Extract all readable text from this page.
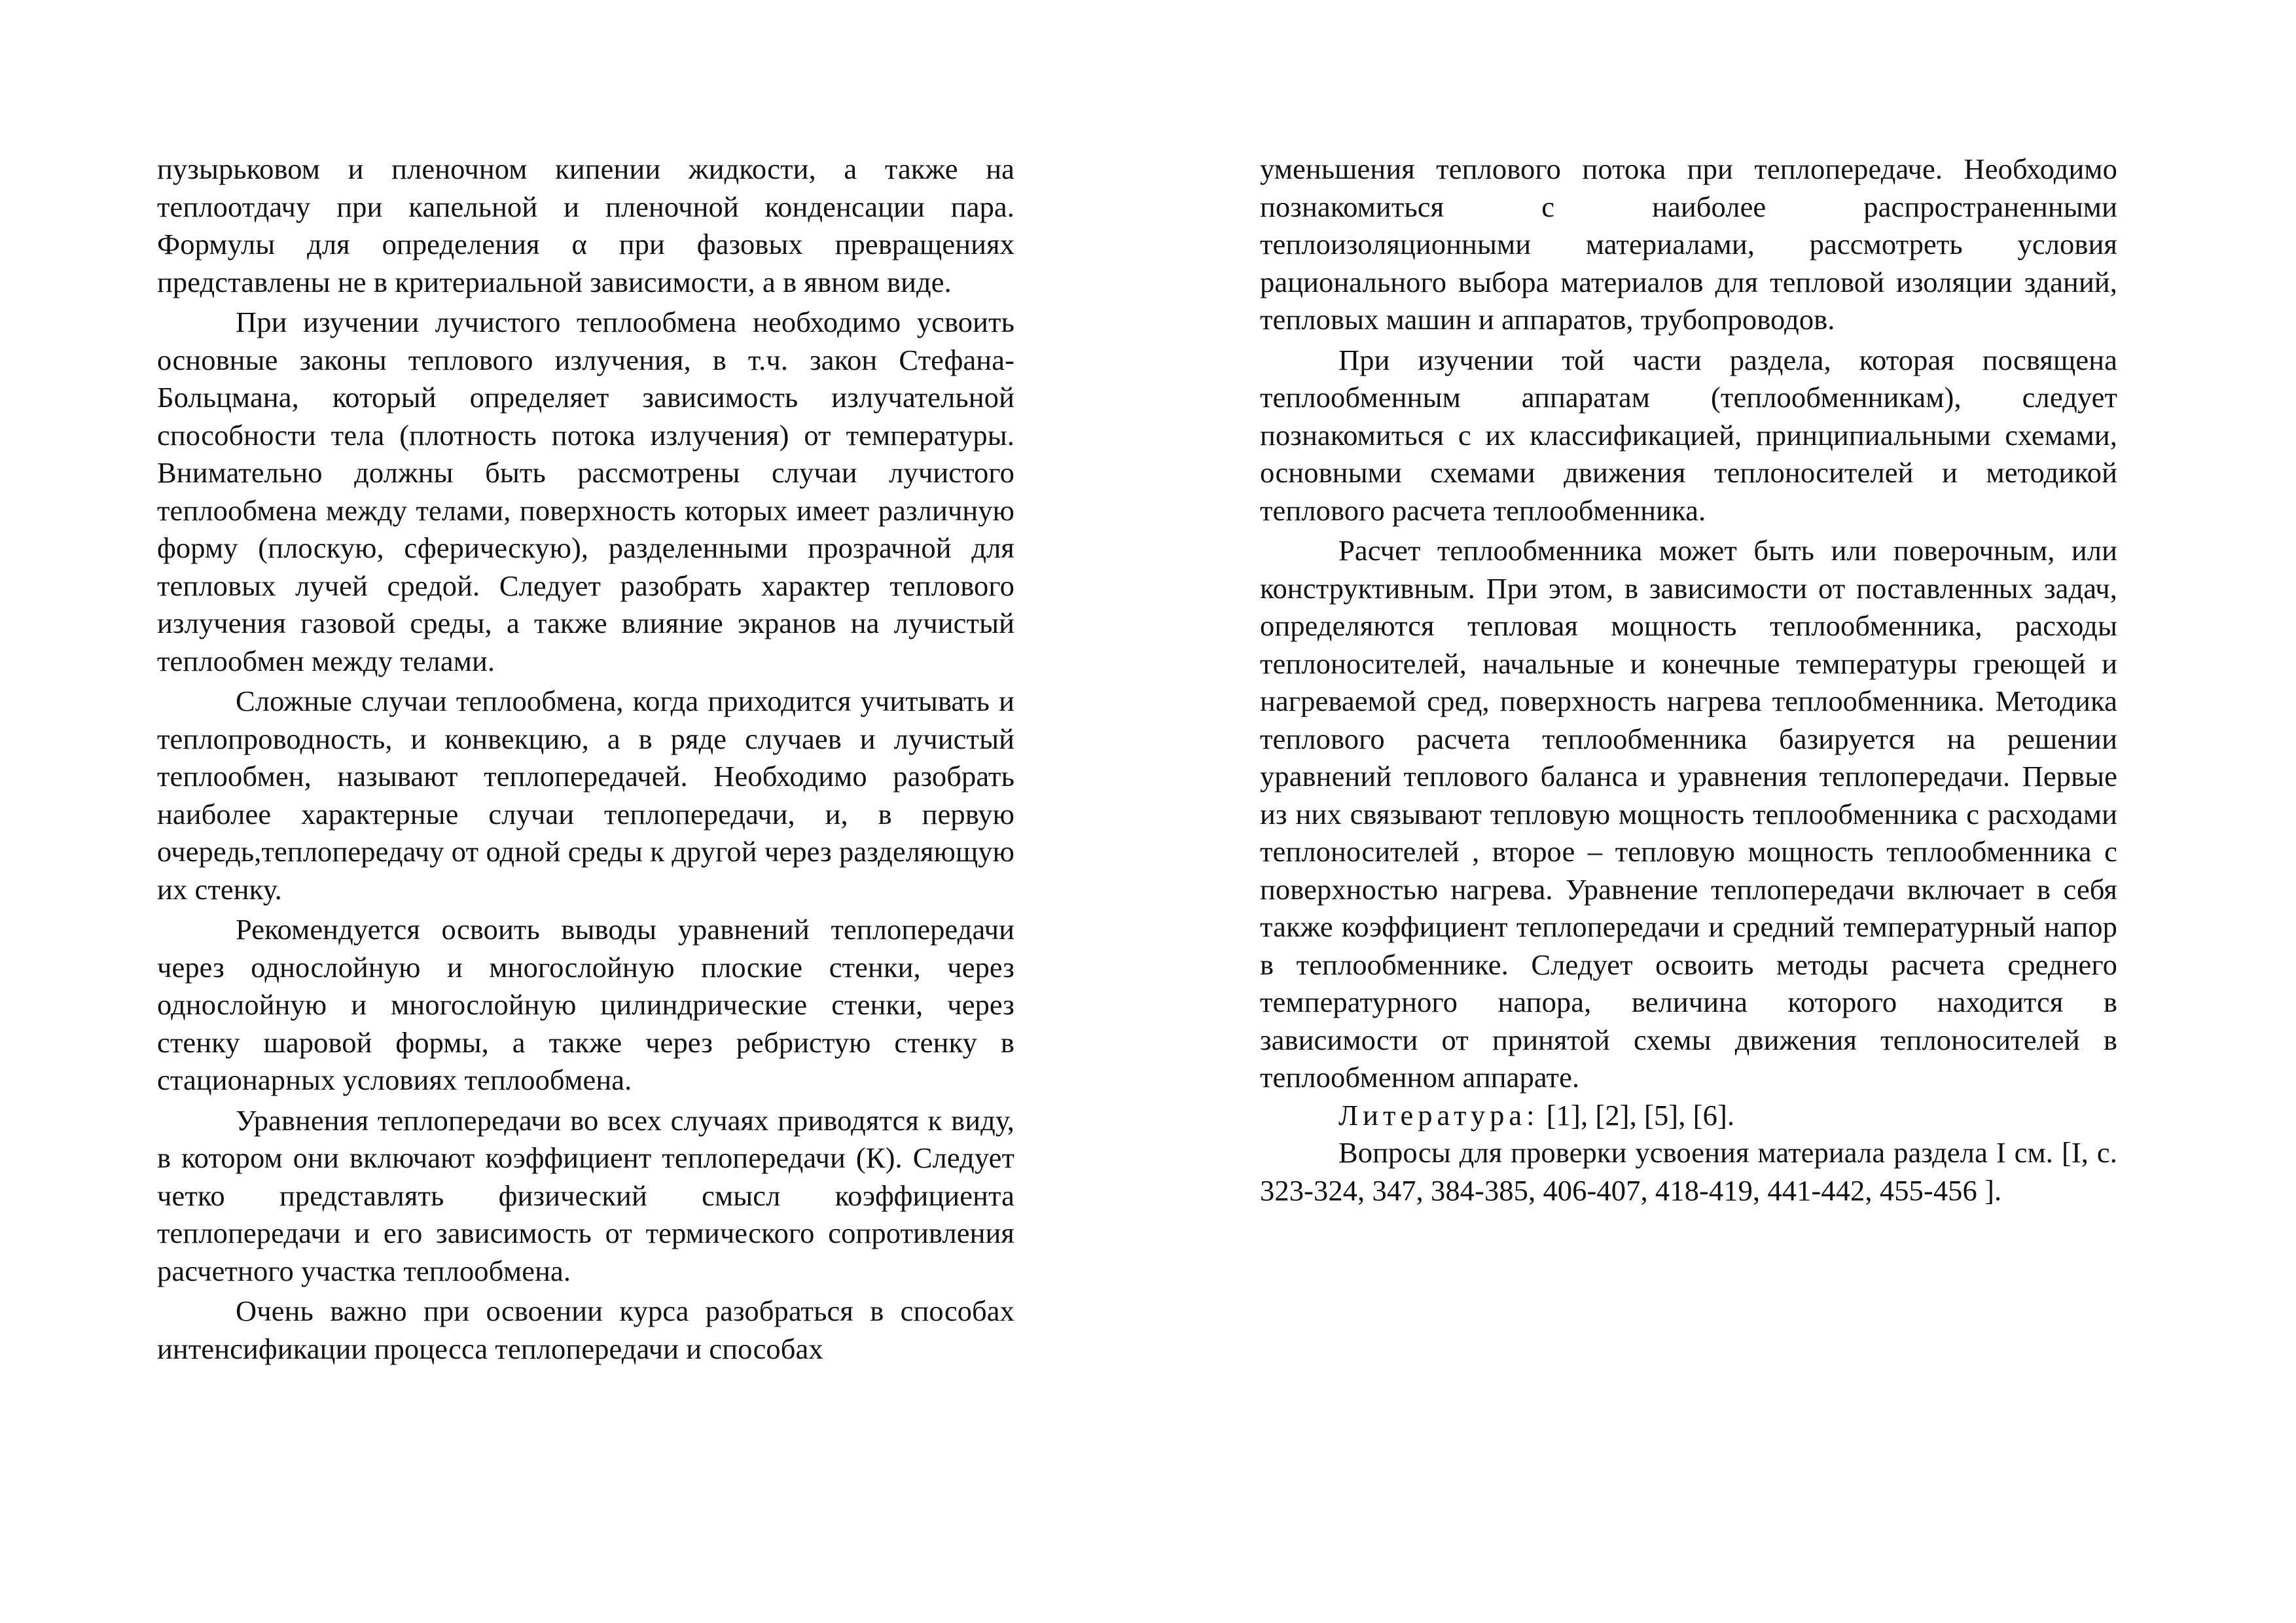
пузырьковом и пленочном кипении жидкости, а также на теплоотдачу при капельной и пленочной конденсации пара. Формулы для определения α при фазовых превращениях представлены не в критериальной зависимости, а в явном виде.

При изучении лучистого теплообмена необходимо усвоить основные законы теплового излучения, в т.ч. закон Стефана-Больцмана, который определяет зависимость излучательной способности тела (плотность потока излучения) от температуры. Внимательно должны быть рассмотрены случаи лучистого теплообмена между телами, поверхность которых имеет различную форму (плоскую, сферическую), разделенными прозрачной для тепловых лучей средой. Следует разобрать характер теплового излучения газовой среды, а также влияние экранов на лучистый теплообмен между телами.

Сложные случаи теплообмена, когда приходится учитывать и теплопроводность, и конвекцию, а в ряде случаев и лучистый теплообмен, называют теплопередачей. Необходимо разобрать наиболее характерные случаи теплопередачи, и, в первую очередь,теплопередачу от одной среды к другой через разделяющую их стенку.

Рекомендуется освоить выводы уравнений теплопередачи через однослойную и многослойную плоские стенки, через однослойную и многослойную цилиндрические стенки, через стенку шаровой формы, а также через ребристую стенку в стационарных условиях теплообмена.

Уравнения теплопередачи во всех случаях приводятся к виду, в котором они включают коэффициент теплопередачи (К). Следует четко представлять физический смысл коэффициента теплопередачи и его зависимость от термического сопротивления расчетного участка теплообмена.

Очень важно при освоении курса разобраться в способах интенсификации процесса теплопередачи и способах

уменьшения теплового потока при теплопередаче. Необходимо познакомиться с наиболее распространенными теплоизоляционными материалами, рассмотреть условия рационального выбора материалов для тепловой изоляции зданий, тепловых машин и аппаратов, трубопроводов.

При изучении той части раздела, которая посвящена теплообменным аппаратам (теплообменникам), следует познакомиться с их классификацией, принципиальными схемами, основными схемами движения теплоносителей и методикой теплового расчета теплообменника.

Расчет теплообменника может быть или поверочным, или конструктивным. При этом, в зависимости от поставленных задач, определяются тепловая мощность теплообменника, расходы теплоносителей, начальные и конечные температуры греющей и нагреваемой сред, поверхность нагрева теплообменника. Методика теплового расчета теплообменника базируется на решении уравнений теплового баланса и уравнения теплопередачи. Первые из них связывают тепловую мощность теплообменника с расходами теплоносителей , второе – тепловую мощность теплообменника с поверхностью нагрева. Уравнение теплопередачи включает в себя также коэффициент теплопередачи и средний температурный напор в теплообменнике. Следует освоить методы расчета среднего температурного напора, величина которого находится в зависимости от принятой схемы движения теплоносителей в теплообменном аппарате.

Литература: [1], [2], [5], [6].

Вопросы для проверки усвоения материала раздела I см. [I, с. 323-324, 347, 384-385, 406-407, 418-419, 441-442, 455-456 ].
